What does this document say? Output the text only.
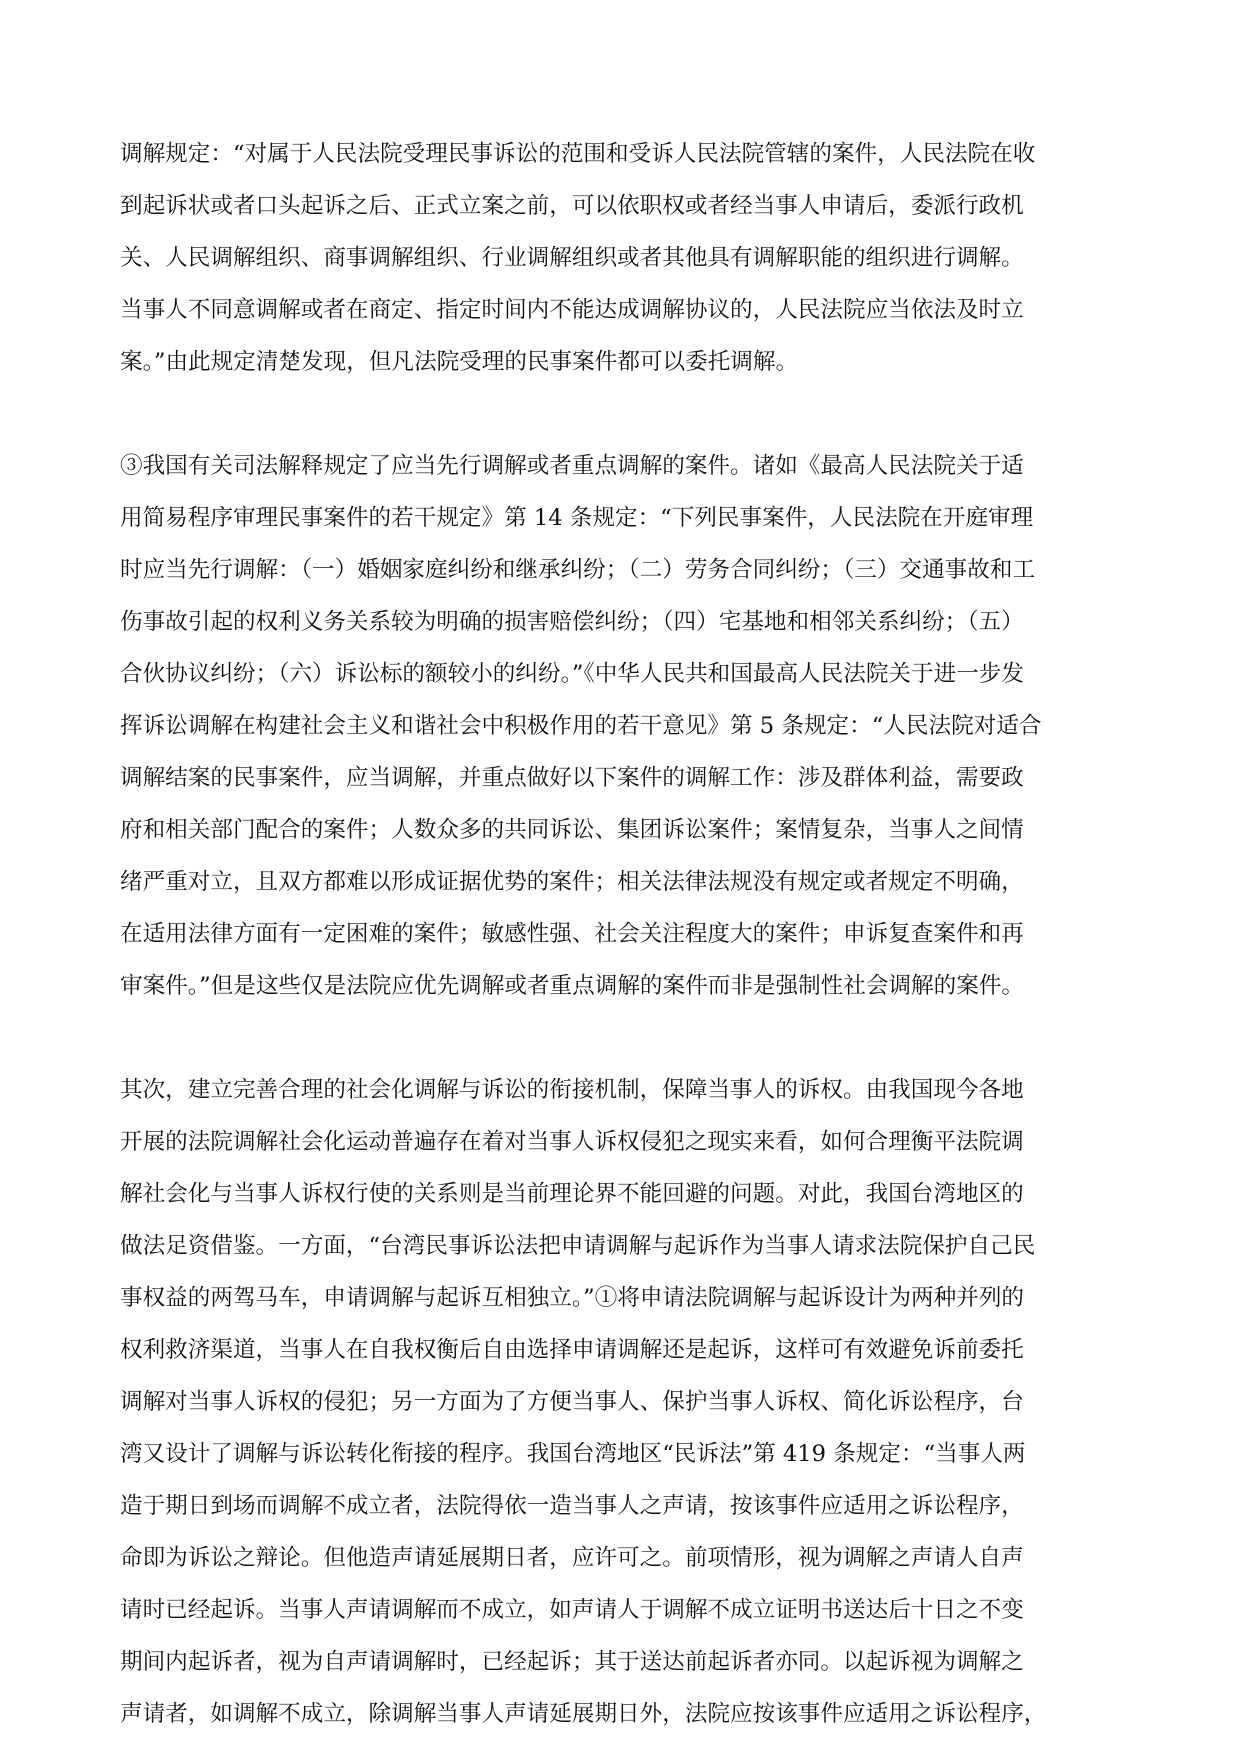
调解规定：“对属于人民法院受理民事诉讼的范围和受诉人民法院管辖的案件，人民法院在收
到起诉状或者口头起诉之后、正式立案之前，可以依职权或者经当事人申请后，委派行政机
关、人民调解组织、商事调解组织、行业调解组织或者其他具有调解职能的组织进行调解。
当事人不同意调解或者在商定、指定时间内不能达成调解协议的，人民法院应当依法及时立
案。”由此规定清楚发现，但凡法院受理的民事案件都可以委托调解。
③我国有关司法解释规定了应当先行调解或者重点调解的案件。诸如《最高人民法院关于适
用简易程序审理民事案件的若干规定》第 14 条规定：“下列民事案件，人民法院在开庭审理
时应当先行调解：（一）婚姻家庭纠纷和继承纠纷；（二）劳务合同纠纷；（三）交通事故和工
伤事故引起的权利义务关系较为明确的损害赔偿纠纷；（四）宅基地和相邻关系纠纷；（五）
合伙协议纠纷；（六）诉讼标的额较小的纠纷。”《中华人民共和国最高人民法院关于进一步发
挥诉讼调解在构建社会主义和谐社会中积极作用的若干意见》第 5 条规定：“人民法院对适合
调解结案的民事案件，应当调解，并重点做好以下案件的调解工作：涉及群体利益，需要政
府和相关部门配合的案件；人数众多的共同诉讼、集团诉讼案件；案情复杂，当事人之间情
绪严重对立，且双方都难以形成证据优势的案件；相关法律法规没有规定或者规定不明确，
在适用法律方面有一定困难的案件；敏感性强、社会关注程度大的案件；申诉复查案件和再
审案件。”但是这些仅是法院应优先调解或者重点调解的案件而非是强制性社会调解的案件。
其次，建立完善合理的社会化调解与诉讼的衔接机制，保障当事人的诉权。由我国现今各地
开展的法院调解社会化运动普遍存在着对当事人诉权侵犯之现实来看，如何合理衡平法院调
解社会化与当事人诉权行使的关系则是当前理论界不能回避的问题。对此，我国台湾地区的
做法足资借鉴。一方面，“台湾民事诉讼法把申请调解与起诉作为当事人请求法院保护自己民
事权益的两驾马车，申请调解与起诉互相独立。”①将申请法院调解与起诉设计为两种并列的
权利救济渠道，当事人在自我权衡后自由选择申请调解还是起诉，这样可有效避免诉前委托
调解对当事人诉权的侵犯；另一方面为了方便当事人、保护当事人诉权、简化诉讼程序，台
湾又设计了调解与诉讼转化衔接的程序。我国台湾地区“民诉法”第 419 条规定：“当事人两
造于期日到场而调解不成立者，法院得依一造当事人之声请，按该事件应适用之诉讼程序，
命即为诉讼之辩论。但他造声请延展期日者，应许可之。前项情形，视为调解之声请人自声
请时已经起诉。当事人声请调解而不成立，如声请人于调解不成立证明书送达后十日之不变
期间内起诉者，视为自声请调解时，已经起诉；其于送达前起诉者亦同。以起诉视为调解之
声请者，如调解不成立，除调解当事人声请延展期日外，法院应按该事件应适用之诉讼程序，
